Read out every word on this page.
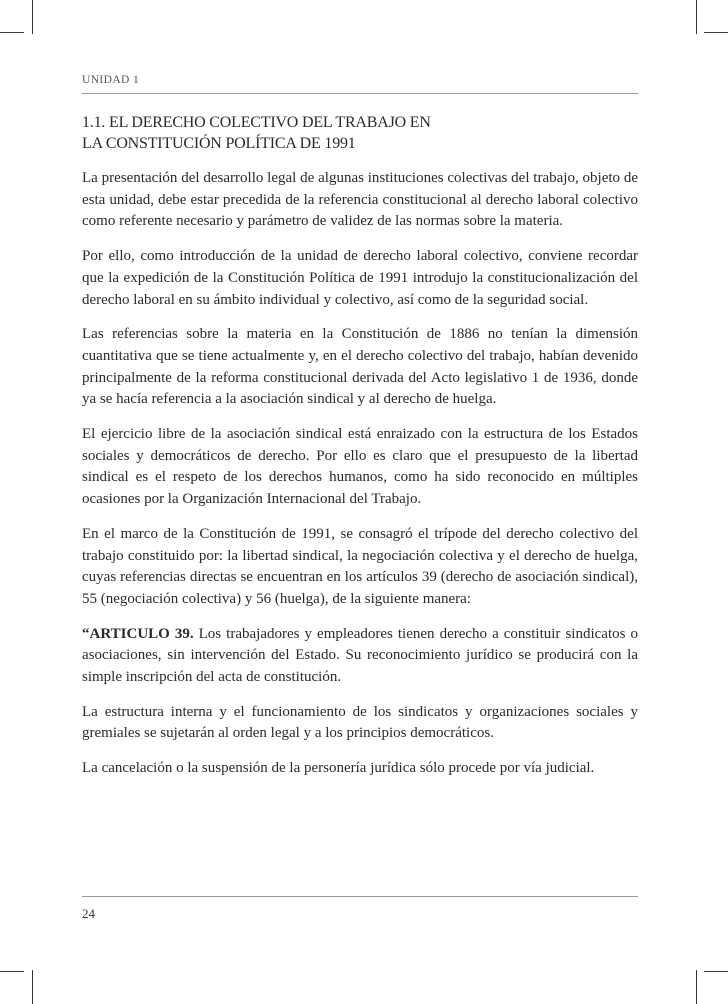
UNIDAD 1

1.1. EL DERECHO COLECTIVO DEL TRABAJO EN
LA CONSTITUCIÓN POLÍTICA DE 1991

La presentación del desarrollo legal de algunas instituciones colectivas del trabajo, objeto de esta unidad, debe estar precedida de la referencia constitucional al derecho laboral colectivo como referente necesario y parámetro de validez de las normas sobre la materia.

Por ello, como introducción de la unidad de derecho laboral colectivo, conviene recordar que la expedición de la Constitución Política de 1991 introdujo la constitucionalización del derecho laboral en su ámbito individual y colectivo, así como de la seguridad social.

Las referencias sobre la materia en la Constitución de 1886 no tenían la dimensión cuantitativa que se tiene actualmente y, en el derecho colectivo del trabajo, habían devenido principalmente de la reforma constitucional derivada del Acto legislativo 1 de 1936, donde ya se hacía referencia a la asociación sindical y al derecho de huelga.

El ejercicio libre de la asociación sindical está enraizado con la estructura de los Estados sociales y democráticos de derecho. Por ello es claro que el presupuesto de la libertad sindical es el respeto de los derechos humanos, como ha sido reconocido en múltiples ocasiones por la Organización Internacional del Trabajo.

En el marco de la Constitución de 1991, se consagró el trípode del derecho colectivo del trabajo constituido por: la libertad sindical, la negociación colectiva y el derecho de huelga, cuyas referencias directas se encuentran en los artículos 39 (derecho de asociación sindical), 55 (negociación colectiva) y 56 (huelga), de la siguiente manera:

“ARTICULO 39. Los trabajadores y empleadores tienen derecho a constituir sindicatos o asociaciones, sin intervención del Estado. Su reconocimiento jurídico se producirá con la simple inscripción del acta de constitución.

La estructura interna y el funcionamiento de los sindicatos y organizaciones sociales y gremiales se sujetarán al orden legal y a los principios democráticos.

La cancelación o la suspensión de la personería jurídica sólo procede por vía judicial.

24
